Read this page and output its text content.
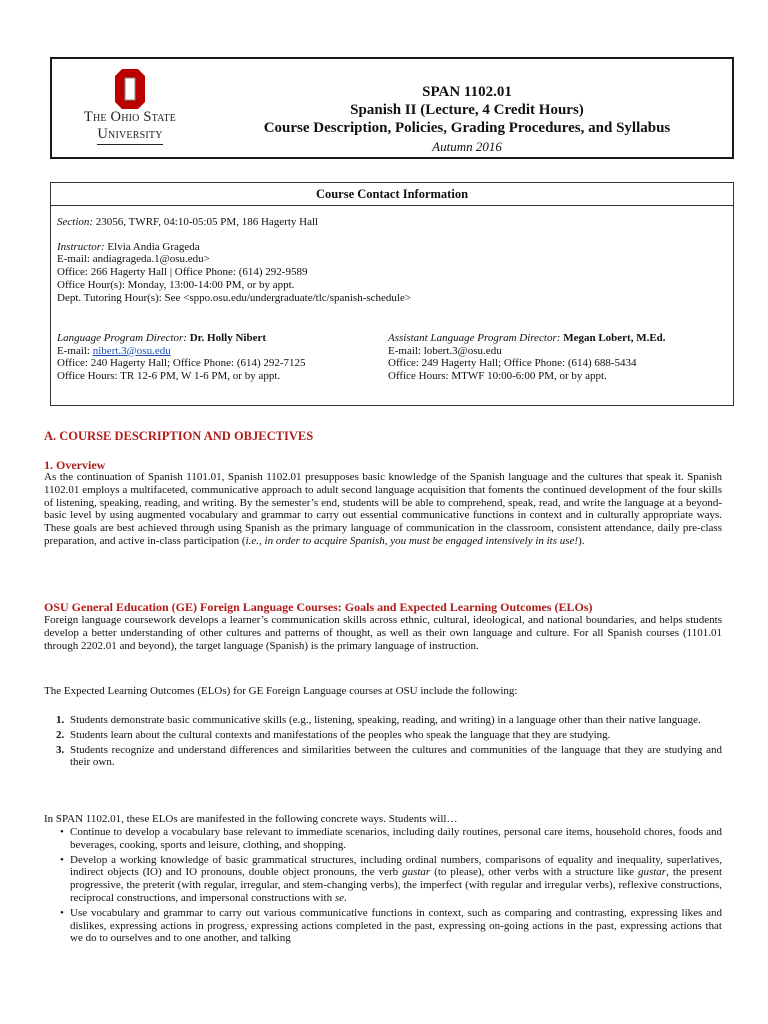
The Ohio State
University
SPAN 1102.01
Spanish II (Lecture, 4 Credit Hours)
Course Description, Policies, Grading Procedures, and Syllabus
Autumn 2016
Course Contact Information
Section: 23056, TWRF, 04:10-05:05 PM, 186 Hagerty Hall
Instructor: Elvia Andia Grageda
E-mail: andiagrageda.1@osu.edu>
Office: 266 Hagerty Hall | Office Phone: (614) 292-9589
Office Hour(s): Monday, 13:00-14:00 PM, or by appt.
Dept. Tutoring Hour(s): See <sppo.osu.edu/undergraduate/tlc/spanish-schedule>
Language Program Director: Dr. Holly Nibert
E-mail: nibert.3@osu.edu
Office: 240 Hagerty Hall; Office Phone: (614) 292-7125
Office Hours: TR 12-6 PM, W 1-6 PM, or by appt.
Assistant Language Program Director: Megan Lobert, M.Ed.
E-mail: lobert.3@osu.edu
Office: 249 Hagerty Hall; Office Phone: (614) 688-5434
Office Hours: MTWF 10:00-6:00 PM, or by appt.
A. COURSE DESCRIPTION AND OBJECTIVES
1. Overview
As the continuation of Spanish 1101.01, Spanish 1102.01 presupposes basic knowledge of the Spanish language and the cultures that speak it. Spanish 1102.01 employs a multifaceted, communicative approach to adult second language acquisition that foments the continued development of the four skills of listening, speaking, reading, and writing. By the semester’s end, students will be able to comprehend, speak, read, and write the language at a beyond-basic level by using augmented vocabulary and grammar to carry out essential communicative functions in context and in culturally appropriate ways. These goals are best achieved through using Spanish as the primary language of communication in the classroom, consistent attendance, daily pre-class preparation, and active in-class participation (i.e., in order to acquire Spanish, you must be engaged intensively in its use!).
OSU General Education (GE) Foreign Language Courses: Goals and Expected Learning Outcomes (ELOs)
Foreign language coursework develops a learner’s communication skills across ethnic, cultural, ideological, and national boundaries, and helps students develop a better understanding of other cultures and patterns of thought, as well as their own language and culture. For all Spanish courses (1101.01 through 2202.01 and beyond), the target language (Spanish) is the primary language of instruction.
The Expected Learning Outcomes (ELOs) for GE Foreign Language courses at OSU include the following:
1. Students demonstrate basic communicative skills (e.g., listening, speaking, reading, and writing) in a language other than their native language.
2. Students learn about the cultural contexts and manifestations of the peoples who speak the language that they are studying.
3. Students recognize and understand differences and similarities between the cultures and communities of the language that they are studying and their own.
In SPAN 1102.01, these ELOs are manifested in the following concrete ways. Students will…
• Continue to develop a vocabulary base relevant to immediate scenarios, including daily routines, personal care items, household chores, foods and beverages, cooking, sports and leisure, clothing, and shopping.
• Develop a working knowledge of basic grammatical structures, including ordinal numbers, comparisons of equality and inequality, superlatives, indirect objects (IO) and IO pronouns, double object pronouns, the verb gustar (to please), other verbs with a structure like gustar, the present progressive, the preterit (with regular, irregular, and stem-changing verbs), the imperfect (with regular and irregular verbs), reflexive constructions, reciprocal constructions, and impersonal constructions with se.
• Use vocabulary and grammar to carry out various communicative functions in context, such as comparing and contrasting, expressing likes and dislikes, expressing actions in progress, expressing actions completed in the past, expressing on-going actions in the past, expressing actions that we do to ourselves and to one another, and talking
